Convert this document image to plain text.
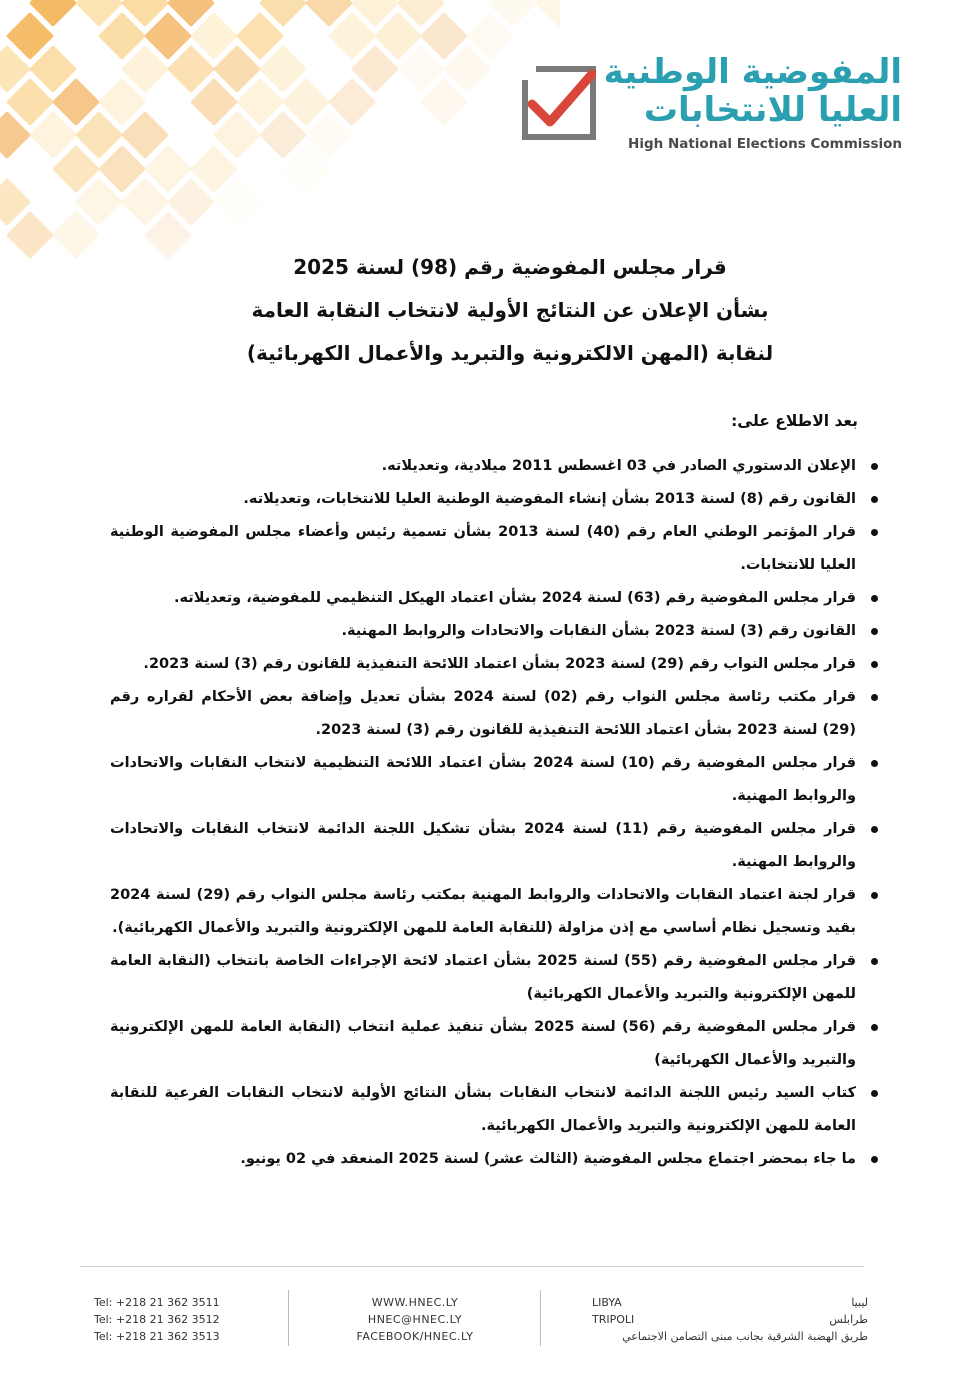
المفوضية الوطنية
العليا للانتخابات
High National Elections Commission
قرار مجلس المفوضية رقم (98) لسنة 2025
بشأن الإعلان عن النتائج الأولية لانتخاب النقابة العامة
لنقابة (المهن الالكترونية والتبريد والأعمال الكهربائية)
بعد الاطلاع على:
الإعلان الدستوري الصادر في 03 اغسطس 2011 ميلادية، وتعديلاته.
القانون رقم (8) لسنة 2013 بشأن إنشاء المفوضية الوطنية العليا للانتخابات، وتعديلاته.
قرار المؤتمر الوطني العام رقم (40) لسنة 2013 بشأن تسمية رئيس وأعضاء مجلس المفوضية الوطنية العليا للانتخابات.
قرار مجلس المفوضية رقم (63) لسنة 2024 بشأن اعتماد الهيكل التنظيمي للمفوضية، وتعديلاته.
القانون رقم (3) لسنة 2023 بشأن النقابات والاتحادات والروابط المهنية.
قرار مجلس النواب رقم (29) لسنة 2023 بشأن اعتماد اللائحة التنفيذية للقانون رقم (3) لسنة 2023.
قرار مكتب رئاسة مجلس النواب رقم (02) لسنة 2024 بشأن تعديل وإضافة بعض الأحكام لقراره رقم (29) لسنة 2023 بشأن اعتماد اللائحة التنفيذية للقانون رقم (3) لسنة 2023.
قرار مجلس المفوضية رقم (10) لسنة 2024 بشأن اعتماد اللائحة التنظيمية لانتخاب النقابات والاتحادات والروابط المهنية.
قرار مجلس المفوضية رقم (11) لسنة 2024 بشأن تشكيل اللجنة الدائمة لانتخاب النقابات والاتحادات والروابط المهنية.
قرار لجنة اعتماد النقابات والاتحادات والروابط المهنية بمكتب رئاسة مجلس النواب رقم (29) لسنة 2024 بقيد وتسجيل نظام أساسي مع إذن مزاولة (للنقابة العامة للمهن الإلكترونية والتبريد والأعمال الكهربائية).
قرار مجلس المفوضية رقم (55) لسنة 2025 بشأن اعتماد لائحة الإجراءات الخاصة بانتخاب (النقابة العامة للمهن الإلكترونية والتبريد والأعمال الكهربائية)
قرار مجلس المفوضية رقم (56) لسنة 2025 بشأن تنفيذ عملية انتخاب (النقابة العامة للمهن الإلكترونية والتبريد والأعمال الكهربائية)
كتاب السيد رئيس اللجنة الدائمة لانتخاب النقابات بشأن النتائج الأولية لانتخاب النقابات الفرعية للنقابة العامة للمهن الإلكترونية والتبريد والأعمال الكهربائية.
ما جاء بمحضر اجتماع مجلس المفوضية (الثالث عشر) لسنة 2025 المنعقد في 02 يونيو.
Tel: +218 21 362 3511
Tel: +218 21 362 3512
Tel: +218 21 362 3513
WWW.HNEC.LY
HNEC@HNEC.LY
FACEBOOK/HNEC.LY
LIBYA	ليبيا
TRIPOLI	طرابلس
طريق الهضبة الشرقية بجانب مبنى التصامن الاجتماعي
